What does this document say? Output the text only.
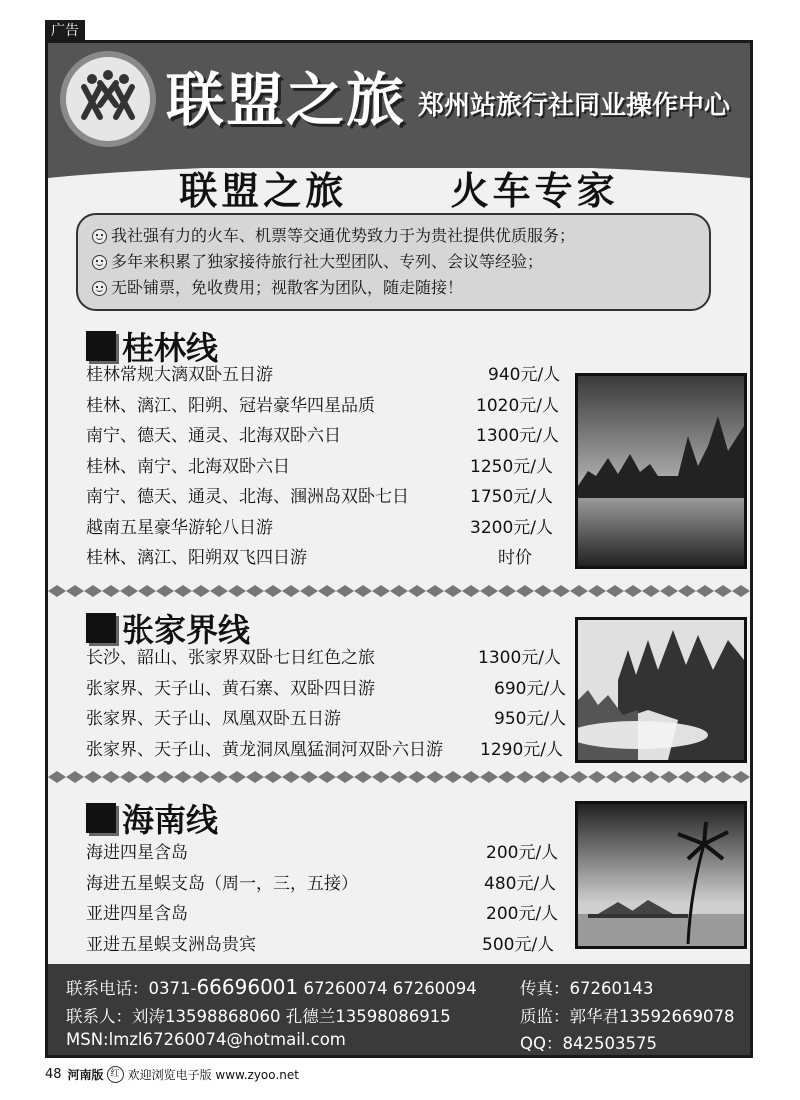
广告
联盟之旅 郑州站旅行社同业操作中心
联盟之旅      火车专家
我社强有力的火车、机票等交通优势致力于为贵社提供优质服务；
多年来积累了独家接待旅行社大型团队、专列、会议等经验；
无卧铺票，免收费用；视散客为团队，随走随接！
桂林线
桂林常规大漓双卧五日游	940元/人
桂林、漓江、阳朔、冠岩豪华四星品质	1020元/人
南宁、德天、通灵、北海双卧六日	1300元/人
桂林、南宁、北海双卧六日	1250元/人
南宁、德天、通灵、北海、涠洲岛双卧七日	1750元/人
越南五星豪华游轮八日游	3200元/人
桂林、漓江、阳朔双飞四日游	时价
张家界线
长沙、韶山、张家界双卧七日红色之旅	1300元/人
张家界、天子山、黄石寨、双卧四日游	690元/人
张家界、天子山、凤凰双卧五日游	950元/人
张家界、天子山、黄龙洞凤凰猛洞河双卧六日游 1290元/人
海南线
海进四星含岛	200元/人
海进五星蜈支岛（周一，三，五接）	480元/人
亚进四星含岛	200元/人
亚进五星蜈支洲岛贵宾	500元/人
联系电话：0371-66696001 67260074 67260094	传真：67260143
联系人：刘涛13598868060 孔德兰13598086915	质监：郭华君13592669078
MSN:lmzl67260074@hotmail.com	QQ：842503575
48 河南版 红 欢迎浏览电子版 www.zyoo.net
